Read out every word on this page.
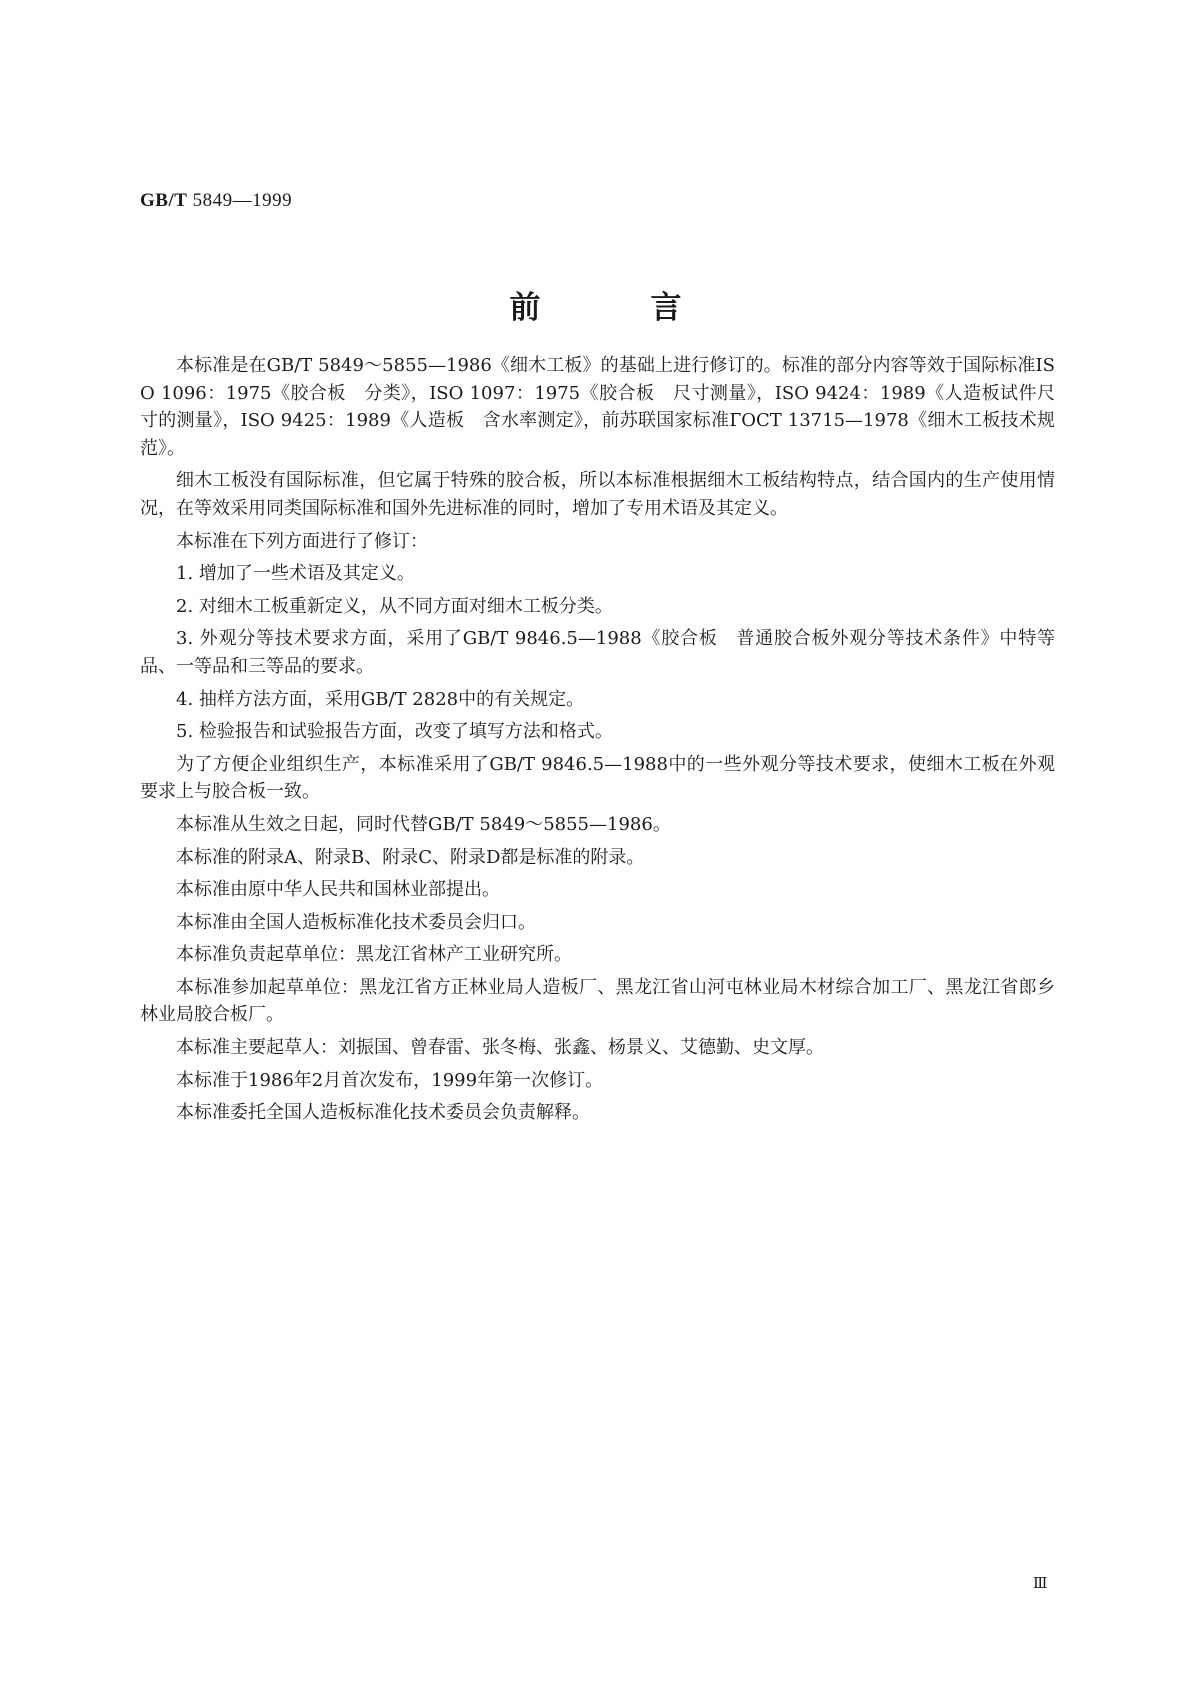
GB/T 5849—1999
前言

本标准是在GB/T 5849～5855—1986《细木工板》的基础上进行修订的。标准的部分内容等效于国际标准ISO 1096：1975《胶合板　分类》，ISO 1097：1975《胶合板　尺寸测量》，ISO 9424：1989《人造板试件尺寸的测量》，ISO 9425：1989《人造板　含水率测定》，前苏联国家标准ГОСТ 13715—1978《细木工板技术规范》。

细木工板没有国际标准，但它属于特殊的胶合板，所以本标准根据细木工板结构特点，结合国内的生产使用情况，在等效采用同类国际标准和国外先进标准的同时，增加了专用术语及其定义。

本标准在下列方面进行了修订：

1. 增加了一些术语及其定义。

2. 对细木工板重新定义，从不同方面对细木工板分类。

3. 外观分等技术要求方面，采用了GB/T 9846.5—1988《胶合板　普通胶合板外观分等技术条件》中特等品、一等品和三等品的要求。

4. 抽样方法方面，采用GB/T 2828中的有关规定。

5. 检验报告和试验报告方面，改变了填写方法和格式。

为了方便企业组织生产，本标准采用了GB/T 9846.5—1988中的一些外观分等技术要求，使细木工板在外观要求上与胶合板一致。

本标准从生效之日起，同时代替GB/T 5849～5855—1986。

本标准的附录A、附录B、附录C、附录D都是标准的附录。

本标准由原中华人民共和国林业部提出。

本标准由全国人造板标准化技术委员会归口。

本标准负责起草单位：黑龙江省林产工业研究所。

本标准参加起草单位：黑龙江省方正林业局人造板厂、黑龙江省山河屯林业局木材综合加工厂、黑龙江省郎乡林业局胶合板厂。

本标准主要起草人：刘振国、曾春雷、张冬梅、张鑫、杨景义、艾德勤、史文厚。

本标准于1986年2月首次发布，1999年第一次修订。

本标准委托全国人造板标准化技术委员会负责解释。

Ⅲ
